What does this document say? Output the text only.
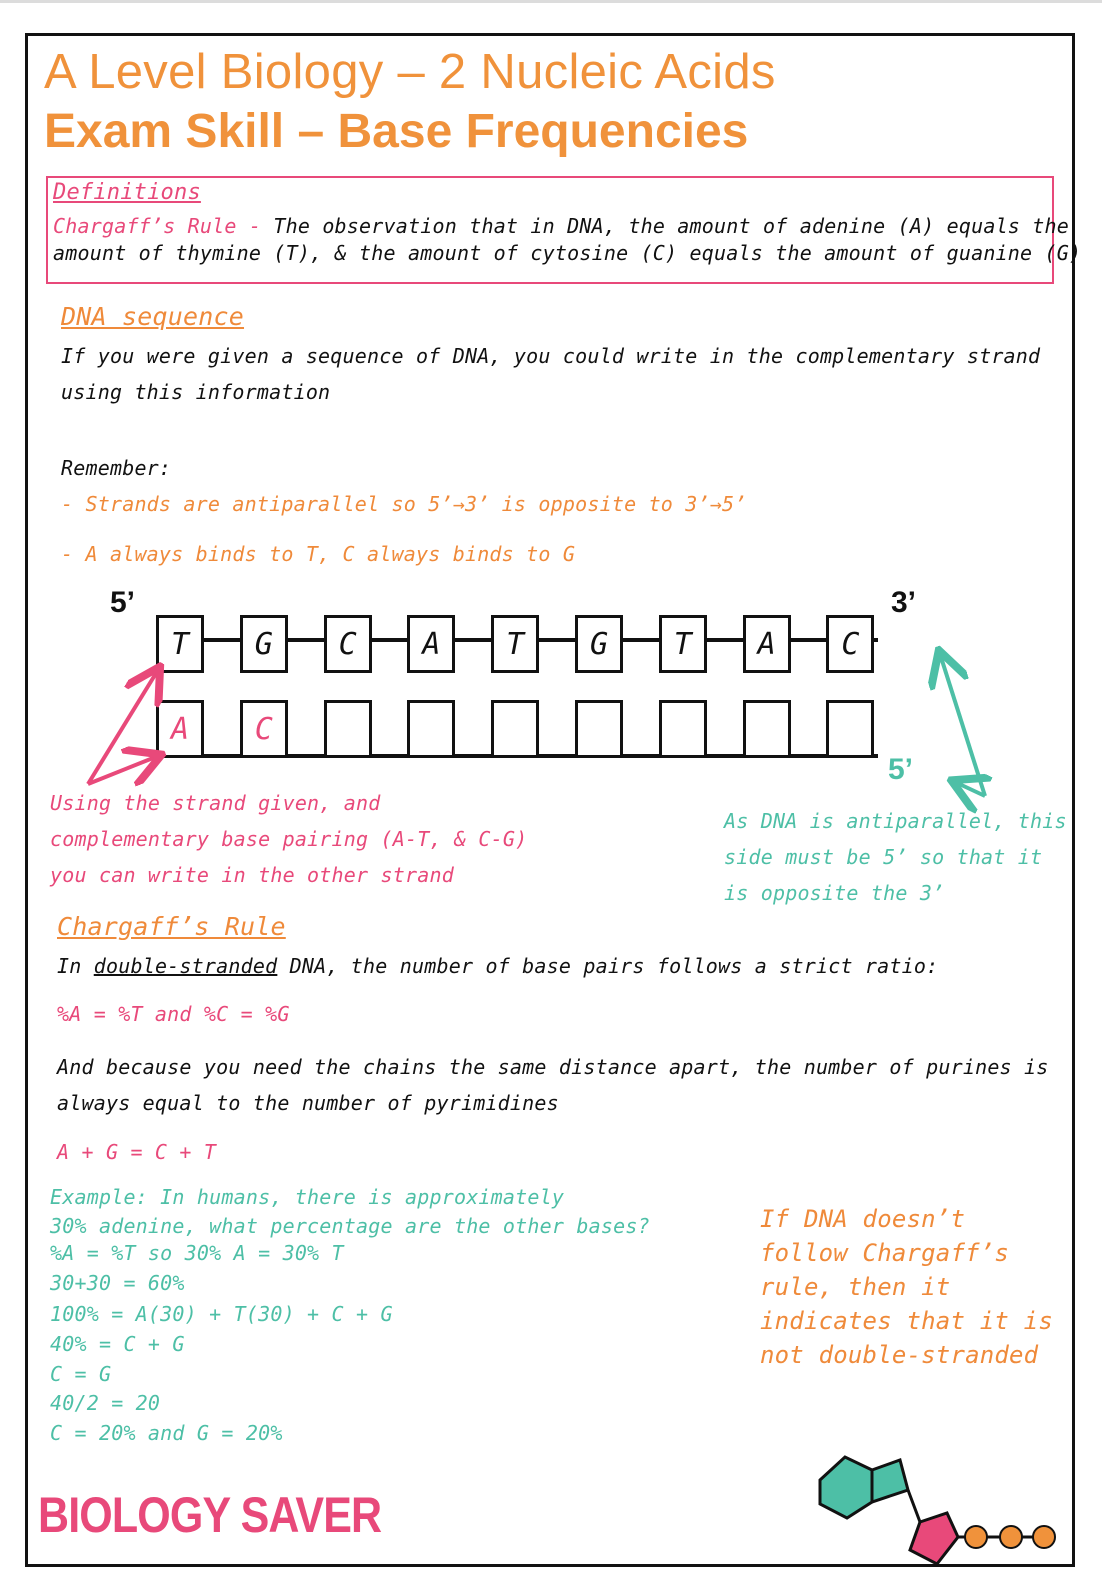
A Level Biology – 2 Nucleic Acids
Exam Skill – Base Frequencies
Definitions
Chargaff’s Rule - The observation that in DNA, the amount of adenine (A) equals the
amount of thymine (T), & the amount of cytosine (C) equals the amount of guanine (G)
DNA sequence
If you were given a sequence of DNA, you could write in the complementary strand
using this information
Remember:
- Strands are antiparallel so 5’→3’ is opposite to 3’→5’
- A always binds to T, C always binds to G
5’	3’
5’
T	G	C	A	T	G	T	A	C
A	C
Using the strand given, and
complementary base pairing (A-T, & C-G)
you can write in the other strand
As DNA is antiparallel, this
side must be 5’ so that it
is opposite the 3’
Chargaff’s Rule
In double-stranded DNA, the number of base pairs follows a strict ratio:
%A = %T and %C = %G
And because you need the chains the same distance apart, the number of purines is
always equal to the number of pyrimidines
A + G = C + T
Example: In humans, there is approximately
30% adenine, what percentage are the other bases?
%A = %T so 30% A = 30% T
30+30 = 60%
100% = A(30) + T(30) + C + G
40% = C + G
C = G
40/2 = 20
C = 20% and G = 20%
If DNA doesn’t
follow Chargaff’s
rule, then it
indicates that it is
not double-stranded
BIOLOGY SAVER
